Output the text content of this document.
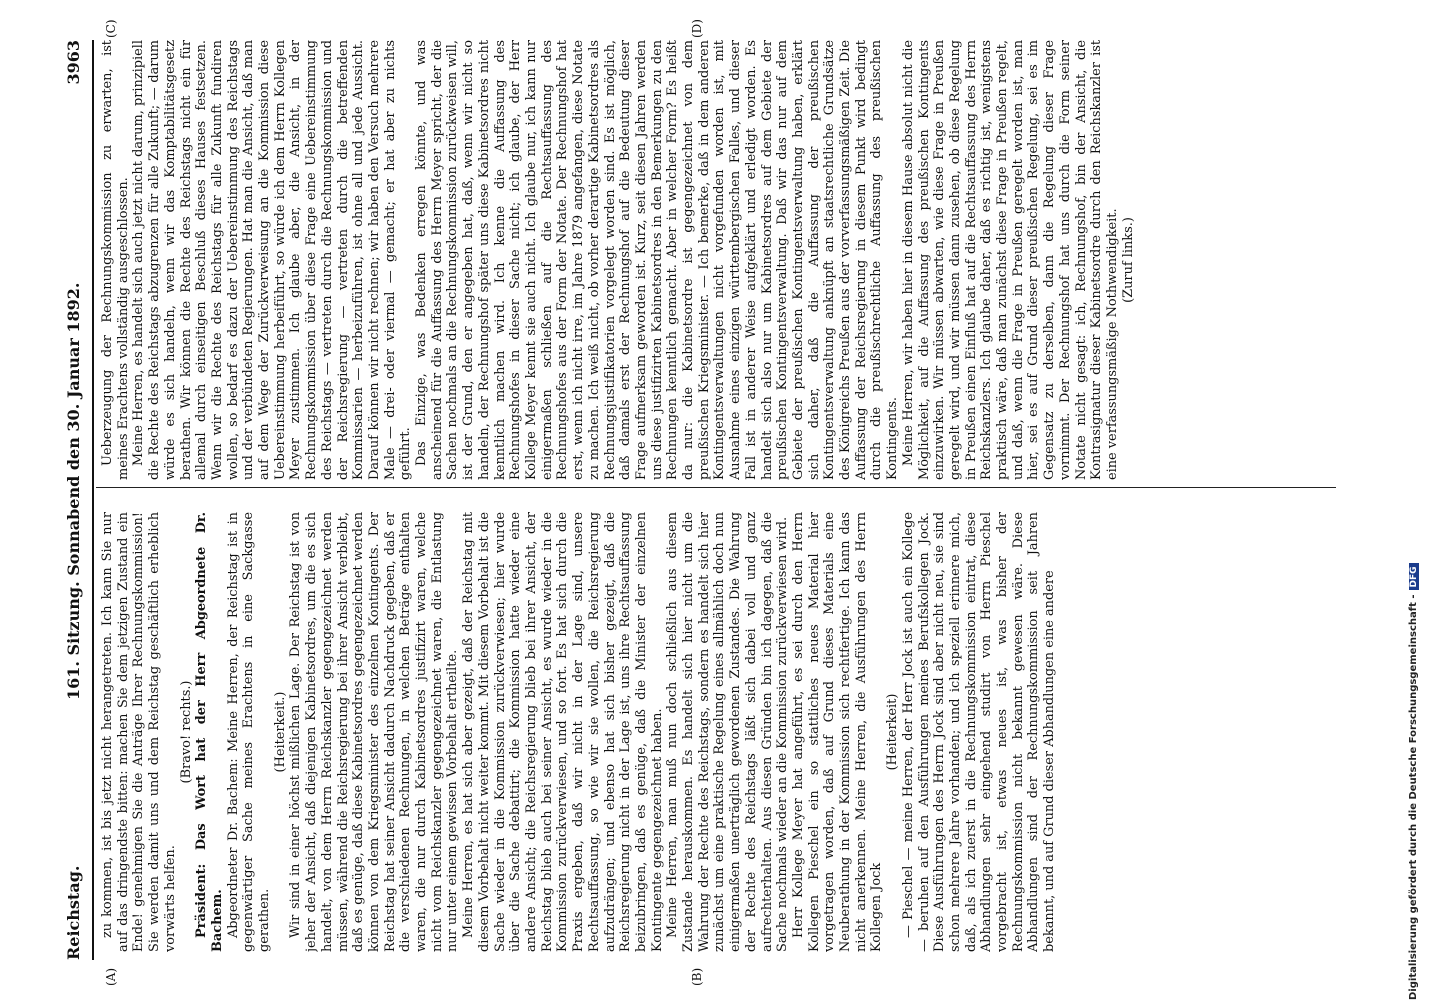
Reichstag.
161. Sitzung. Sonnabend den 30. Januar 1892.
3963
(A)	(B)
(C)	(D)

zu kommen, ist bis jetzt nicht herangetreten. Ich kann Sie nur auf das dringendste bitten: machen Sie dem jetzigen Zustand ein Ende! genehmigen Sie die Anträge Ihrer Rechnungskommission! Sie werden damit uns und dem Reichstag geschäftlich erheblich vorwärts helfen.

(Bravo! rechts.) Präsident: Das Wort hat der Herr Abgeordnete Dr. Bachem. Abgeordneter Dr. Bachem: Meine Herren, der Reichstag ist in gegenwärtiger Sache meines Erachtens in eine Sackgasse gerathen.

(Heiterkeit.) Wir sind in einer höchst mißlichen Lage. Der Reichstag ist von jeher der Ansicht, daß diejenigen Kabinetsordres, um die es sich handelt, von dem Herrn Reichskanzler gegengezeichnet werden müssen, während die Reichsregierung bei ihrer Ansicht verbleibt, daß es genüge, daß diese Kabinetsordres gegengezeichnet werden können von dem Kriegsminister des einzelnen Kontingents. Der Reichstag hat seiner Ansicht dadurch Nachdruck gegeben, daß er die verschiedenen Rechnungen, in welchen Beträge enthalten waren, die nur durch Kabinetsordres justifizirt waren, welche nicht vom Reichskanzler gegengezeichnet waren, die Entlastung nur unter einem gewissen Vorbehalt ertheilte. Meine Herren, es hat sich aber gezeigt, daß der Reichstag mit diesem Vorbehalt nicht weiter kommt. Mit diesem Vorbehalt ist die Sache wieder in die Kommission zurückverwiesen; hier wurde über die Sache debattirt; die Kommission hatte wieder eine andere Ansicht; die Reichsregierung blieb bei ihrer Ansicht, der Reichstag blieb auch bei seiner Ansicht, es wurde wieder in die Kommission zurückverwiesen, und so fort. Es hat sich durch die Praxis ergeben, daß wir nicht in der Lage sind, unsere Rechtsauffassung, so wie wir sie wollen, die Reichsregierung aufzudrängen; und ebenso hat sich bisher gezeigt, daß die Reichsregierung nicht in der Lage ist, uns ihre Rechtsauffassung beizubringen, daß es genüge, daß die Minister der einzelnen Kontingente gegengezeichnet haben. Meine Herren, man muß nun doch schließlich aus diesem Zustande herauskommen. Es handelt sich hier nicht um die Wahrung der Rechte des Reichstags, sondern es handelt sich hier zunächst um eine praktische Regelung eines allmählich doch nun einigermaßen unerträglich gewordenen Zustandes. Die Wahrung der Rechte des Reichstags läßt sich dabei voll und ganz aufrechterhalten. Aus diesen Gründen bin ich dagegen, daß die Sache nochmals wieder an die Kommission zurückverwiesen wird. Herr Kollege Meyer hat angeführt, es sei durch den Herrn Kollegen Pieschel ein so stattliches neues Material hier vorgetragen worden, daß auf Grund dieses Materials eine Neuberathung in der Kommission sich rechtfertige. Ich kann das nicht anerkennen. Meine Herren, die Ausführungen des Herrn Kollegen Jock

(Heiterkeit) — Pieschel — meine Herren, der Herr Jock ist auch ein Kollege — beruhen auf den Ausführungen meines Berufskollegen Jock. Diese Ausführungen des Herrn Jock sind aber nicht neu, sie sind schon mehrere Jahre vorhanden; und ich speziell erinnere mich, daß, als ich zuerst in die Rechnungskommission eintrat, diese Abhandlungen sehr eingehend studirt von Herrn Pieschel vorgebracht ist, etwas neues ist, was bisher der Rechnungskommission nicht bekannt gewesen wäre. Diese Abhandlungen sind der Rechnungskommission seit Jahren bekannt, und auf Grund dieser Abhandlungen eine andere

Ueberzeugung der Rechnungskommission zu erwarten, ist meines Erachtens vollständig ausgeschlossen. Meine Herren, es handelt sich auch jetzt nicht darum, prinzipiell die Rechte des Reichstags abzugrenzen für alle Zukunft; — darum würde es sich handeln, wenn wir das Komptabilitätsgesetz berathen. Wir können die Rechte des Reichstags nicht ein für allemal durch einseitigen Beschluß dieses Hauses festsetzen. Wenn wir die Rechte des Reichstags für alle Zukunft fundiren wollen, so bedarf es dazu der Uebereinstimmung des Reichstags und der verbündeten Regierungen. Hat man die Ansicht, daß man auf dem Wege der Zurückverweisung an die Kommission diese Uebereinstimmung herbeiführt, so würde ich dem Herrn Kollegen Meyer zustimmen. Ich glaube aber, die Ansicht, in der Rechnungskommission über diese Frage eine Uebereinstimmung des Reichstags — vertreten durch die Rechnungskommission und der Reichsregierung — vertreten durch die betreffenden Kommissarien — herbeizuführen, ist ohne all und jede Aussicht. Darauf können wir nicht rechnen; wir haben den Versuch mehrere Male — drei- oder viermal — gemacht; er hat aber zu nichts geführt. Das Einzige, was Bedenken erregen könnte, und was anscheinend für die Auffassung des Herrn Meyer spricht, der die Sachen nochmals an die Rechnungskommission zurückweisen will, ist der Grund, den er angegeben hat, daß, wenn wir nicht so handeln, der Rechnungshof später uns diese Kabinetsordres nicht kenntlich machen wird. Ich kenne die Auffassung des Rechnungshofes in dieser Sache nicht; ich glaube, der Herr Kollege Meyer kennt sie auch nicht. Ich glaube nur, ich kann nur einigermaßen schließen auf die Rechtsauffassung des Rechnungshofes aus der Form der Notate. Der Rechnungshof hat erst, wenn ich nicht irre, im Jahre 1879 angefangen, diese Notate zu machen. Ich weiß nicht, ob vorher derartige Kabinetsordres als Rechnungsjustifikatorien vorgelegt worden sind. Es ist möglich, daß damals erst der Rechnungshof auf die Bedeutung dieser Frage aufmerksam geworden ist. Kurz, seit diesen Jahren werden uns diese justifizirten Kabinetsordres in den Bemerkungen zu den Rechnungen kenntlich gemacht. Aber in welcher Form? Es heißt da nur: die Kabinetsordre ist gegengezeichnet von dem preußischen Kriegsminister. — Ich bemerke, daß in dem anderen Kontingentsverwaltungen nicht vorgefunden worden ist, mit Ausnahme eines einzigen württembergischen Falles, und dieser Fall ist in anderer Weise aufgeklärt und erledigt worden. Es handelt sich also nur um Kabinetsordres auf dem Gebiete der preußischen Kontingentsverwaltung. Daß wir das nur auf dem Gebiete der preußischen Kontingentsverwaltung haben, erklärt sich daher, daß die Auffassung der preußischen Kontingentsverwaltung anknüpft an staatsrechtliche Grundsätze des Königreichs Preußen aus der vorverfassungsmäßigen Zeit. Die Auffassung der Reichsregierung in diesem Punkt wird bedingt durch die preußischrechtliche Auffassung des preußischen Kontingents. Meine Herren, wir haben hier in diesem Hause absolut nicht die Möglichkeit, auf die Auffassung des preußischen Kontingents einzuwirken. Wir müssen abwarten, wie diese Frage in Preußen geregelt wird, und wir müssen dann zusehen, ob diese Regelung in Preußen einen Einfluß hat auf die Rechtsauffassung des Herrn Reichskanzlers. Ich glaube daher, daß es richtig ist, wenigstens praktisch wäre, daß man zunächst diese Frage in Preußen regelt, und daß, wenn die Frage in Preußen geregelt worden ist, man hier, sei es auf Grund dieser preußischen Regelung, sei es im Gegensatz zu derselben, dann die Regelung dieser Frage vornimmt. Der Rechnungshof hat uns durch die Form seiner Notate nicht gesagt: ich, Rechnungshof, bin der Ansicht, die Kontrasignatur dieser Kabinetsordre durch den Reichskanzler ist eine verfassungsmäßige Nothwendigkeit. (Zuruf links.)

Digitalisierung gefördert durch die Deutsche Forschungsgemeinschaft -DFG
